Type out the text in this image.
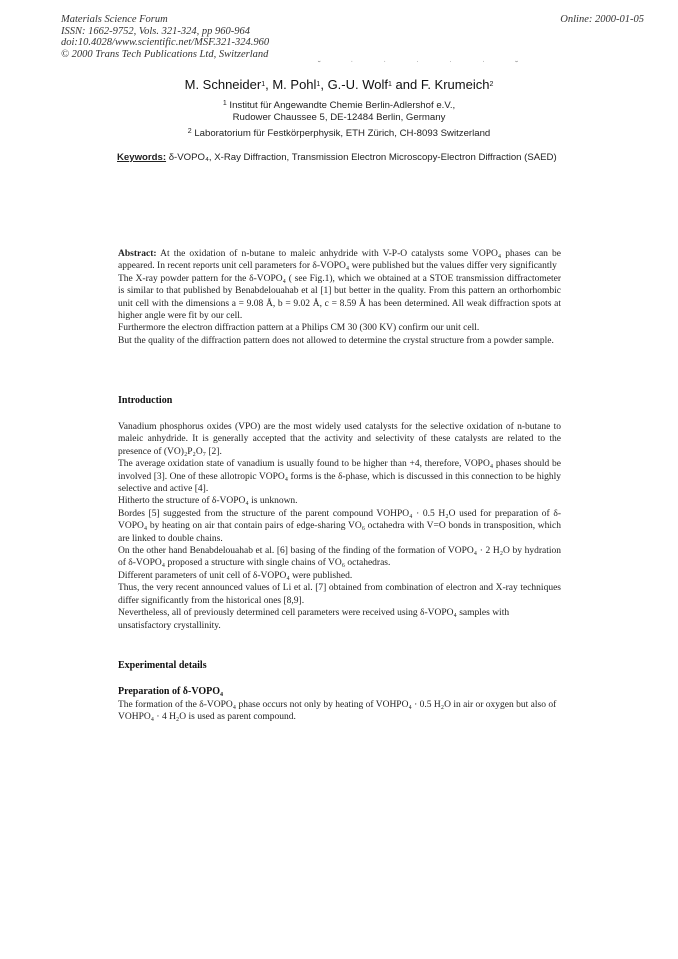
Materials Science Forum
ISSN: 1662-9752, Vols. 321-324, pp 960-964
doi:10.4028/www.scientific.net/MSF.321-324.960
© 2000 Trans Tech Publications Ltd, Switzerland
Online: 2000-01-05
˘ ˙ ˙ ˙ ˙ ˙ ˘
M. Schneider$^1$, M. Pohl$^1$, G.-U. Wolf$^1$ and F. Krumeich$^2$
$^1$ Institut für Angewandte Chemie Berlin-Adlershof e.V.,
Rudower Chaussee 5, DE-12484 Berlin, Germany
$^2$ Laboratorium für Festkörperphysik, ETH Zürich, CH-8093 Switzerland
Keywords: δ-VOPO₄, X-Ray Diffraction, Transmission Electron Microscopy-Electron Diffraction (SAED)

Abstract: At the oxidation of n-butane to maleic anhydride with V-P-O catalysts some VOPO₄ phases can be appeared. In recent reports unit cell parameters for δ-VOPO₄ were published but the values differ very significantly

The X-ray powder pattern for the δ-VOPO₄ ( see Fig.1), which we obtained at a STOE transmission diffractometer is similar to that published by Benabdelouahab et al [1] but better in the quality. From this pattern an orthorhombic unit cell with the dimensions a = 9.08 Å, b = 9.02 Å, c = 8.59 Å has been determined. All weak diffraction spots at higher angle were fit by our cell.

Furthermore the electron diffraction pattern at a Philips CM 30 (300 KV) confirm our unit cell.

But the quality of the diffraction pattern does not allowed to determine the crystal structure from a powder sample.

Introduction

Vanadium phosphorus oxides (VPO) are the most widely used catalysts for the selective oxidation of n-butane to maleic anhydride. It is generally accepted that the activity and selectivity of these catalysts are related to the presence of (VO)₂P₂O₇ [2].

The average oxidation state of vanadium is usually found to be higher than +4, therefore, VOPO₄ phases should be involved [3]. One of these allotropic VOPO₄ forms is the δ-phase, which is discussed in this connection to be highly selective and active [4].

Hitherto the structure of δ-VOPO₄ is unknown.

Bordes [5] suggested from the structure of the parent compound VOHPO₄ · 0.5 H₂O used for preparation of δ-VOPO₄ by heating on air that contain pairs of edge-sharing VO₆ octahedra with V=O bonds in transposition, which are linked to double chains.

On the other hand Benabdelouahab et al. [6] basing of the finding of the formation of VOPO₄ · 2 H₂O by hydration of δ-VOPO₄ proposed a structure with single chains of VO₆ octahedras.

Different parameters of unit cell of δ-VOPO₄ were published.

Thus, the very recent announced values of Li et al. [7] obtained from combination of electron and X-ray techniques differ significantly from the historical ones [8,9].

Nevertheless, all of previously determined cell parameters were received using δ-VOPO₄ samples with unsatisfactory crystallinity.

Experimental details
Preparation of δ-VOPO₄

The formation of the δ-VOPO₄ phase occurs not only by heating of VOHPO₄ · 0.5 H₂O in air or oxygen but also of VOHPO₄ · 4 H₂O is used as parent compound.
